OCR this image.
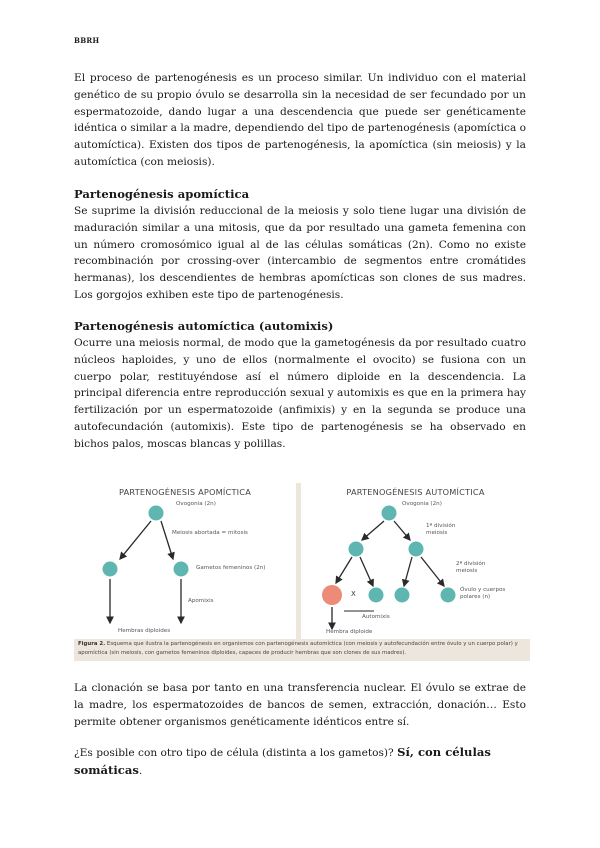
BBRH

El proceso de partenogénesis es un proceso similar. Un individuo con el material genético de su propio óvulo se desarrolla sin la necesidad de ser fecundado por un espermatozoide, dando lugar a una descendencia que puede ser genéticamente idéntica o similar a la madre, dependiendo del tipo de partenogénesis (apomíctica o automíctica). Existen dos tipos de partenogénesis, la apomíctica (sin meiosis) y la automíctica (con meiosis).

Partenogénesis apomíctica

Se suprime la división reduccional de la meiosis y solo tiene lugar una división de maduración similar a una mitosis, que da por resultado una gameta femenina con un número cromosómico igual al de las células somáticas (2n). Como no existe recombinación por crossing-over (intercambio de segmentos entre cromátides hermanas), los descendientes de hembras apomícticas son clones de sus madres. Los gorgojos exhiben este tipo de partenogénesis.

Partenogénesis automíctica (automixis)

Ocurre una meiosis normal, de modo que la gametogénesis da por resultado cuatro núcleos haploides, y uno de ellos (normalmente el ovocito) se fusiona con un cuerpo polar, restituyéndose así el número diploide en la descendencia. La principal diferencia entre reproducción sexual y automixis es que en la primera hay fertilización por un espermatozoide (anfimixis) y en la segunda se produce una autofecundación (automixis). Este tipo de partenogénesis se ha observado en bichos palos, moscas blancas y polillas.

PARTENOGÉNESIS APOMÍCTICA	PARTENOGÉNESIS AUTOMÍCTICA
Ovogonia (2n)
Meiosis abortada = mitosis
Gametos femeninos (2n)
Apomixis
Hembras diploides
Ovogonia (2n)
1ª división meiosis
2ª división meiosis
Óvulo y cuerpos polares (n)
X
Automixis
Hembra diploide
Figura 2. Esquema que ilustra la partenogénesis en organismos con partenogénesis automíctica (con meiosis y autofecundación entre óvulo y un cuerpo polar) y apomíctica (sin meiosis, con gametos femeninos diploides, capaces de producir hembras que son clones de sus madres).

La clonación se basa por tanto en una transferencia nuclear. El óvulo se extrae de la madre, los espermatozoides de bancos de semen, extracción, donación… Esto permite obtener organismos genéticamente idénticos entre sí.

¿Es posible con otro tipo de célula (distinta a los gametos)? Sí, con células somáticas.
